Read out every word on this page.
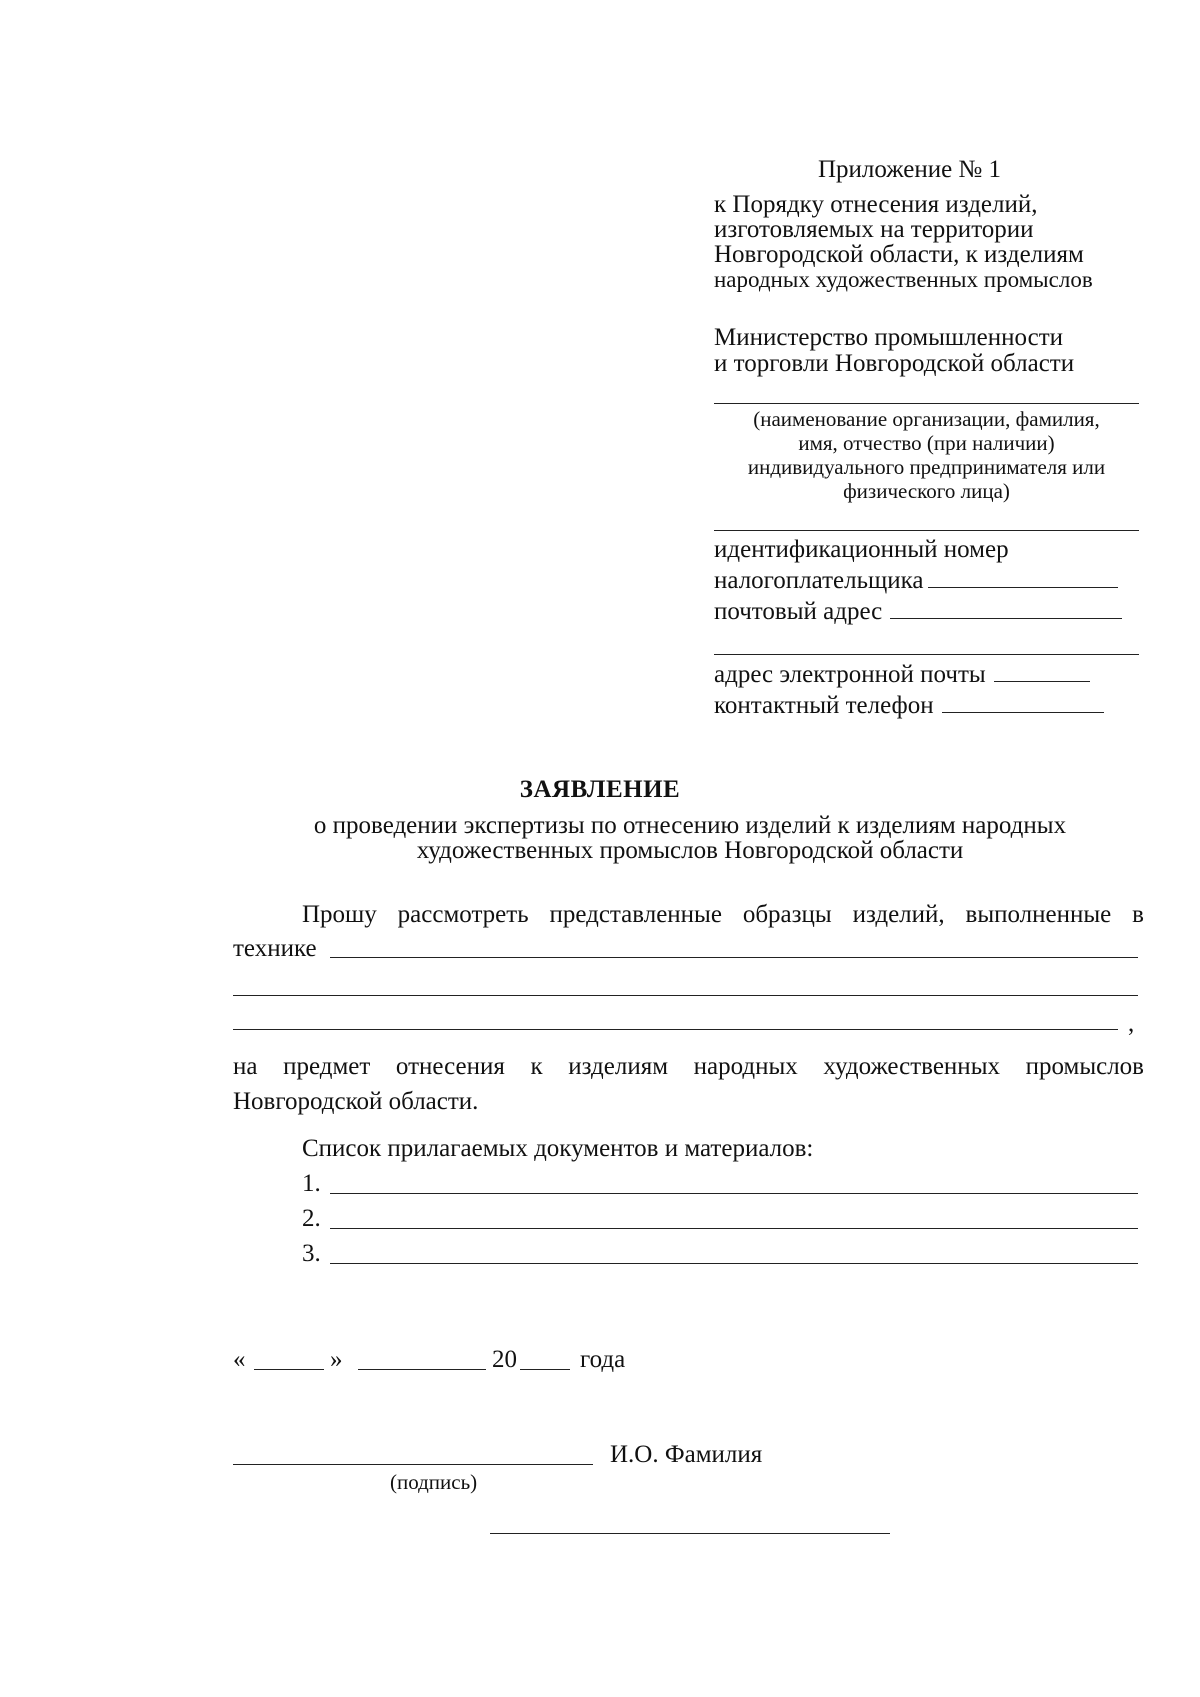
Приложение № 1
к Порядку отнесения изделий,
изготовляемых на территории
Новгородской области, к изделиям
народных художественных промыслов
Министерство промышленности
и торговли Новгородской области
(наименование организации, фамилия,
имя, отчество (при наличии)
индивидуального предпринимателя или
физического лица)
идентификационный номер
налогоплательщика
почтовый адрес
адрес электронной почты
контактный телефон
ЗАЯВЛЕНИЕ
о проведении экспертизы по отнесению изделий к изделиям народных
художественных промыслов Новгородской области
Прошу рассмотреть представленные образцы изделий, выполненные в
технике
,
на предмет отнесения к изделиям народных художественных промыслов
Новгородской области.
Список прилагаемых документов и материалов:
1.
2.
3.
«	»	20	года
И.О. Фамилия
(подпись)
